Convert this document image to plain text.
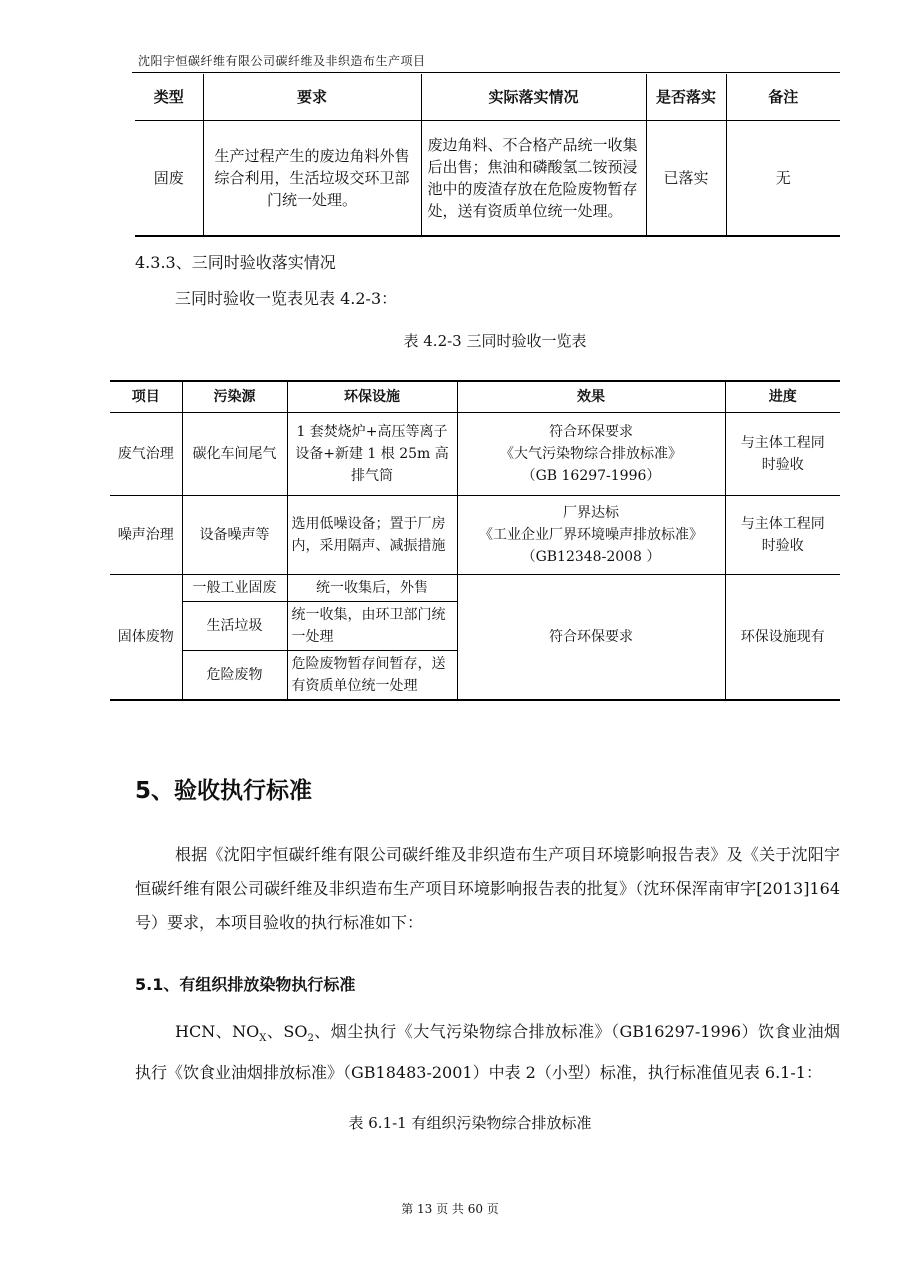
沈阳宇恒碳纤维有限公司碳纤维及非织造布生产项目
类型	要求	实际落实情况	是否落实	备注
固废	生产过程产生的废边角料外售综合利用，生活垃圾交环卫部门统一处理。	废边角料、不合格产品统一收集后出售；焦油和磷酸氢二铵预浸池中的废渣存放在危险废物暂存处，送有资质单位统一处理。	已落实	无
4.3.3、三同时验收落实情况
三同时验收一览表见表 4.2-3：
表 4.2-3 三同时验收一览表
项目	污染源	环保设施	效果	进度
废气治理	碳化车间尾气	1 套焚烧炉+高压等离子设备+新建 1 根 25m 高排气筒	符合环保要求
《大气污染物综合排放标准》
（GB 16297-1996）	与主体工程同时验收
噪声治理	设备噪声等	选用低噪设备；置于厂房内，采用隔声、减振措施	厂界达标
《工业企业厂界环境噪声排放标准》
（GB12348-2008 ）	与主体工程同时验收
固体废物	一般工业固废	统一收集后，外售	符合环保要求	环保设施现有
	生活垃圾	统一收集，由环卫部门统一处理		
	危险废物	危险废物暂存间暂存，送有资质单位统一处理		
5、验收执行标准
根据《沈阳宇恒碳纤维有限公司碳纤维及非织造布生产项目环境影响报告表》及《关于沈阳宇恒碳纤维有限公司碳纤维及非织造布生产项目环境影响报告表的批复》（沈环保浑南审字[2013]164 号）要求，本项目验收的执行标准如下：
5.1、有组织排放染物执行标准
HCN、$NO_X$、$SO_2$、烟尘执行《大气污染物综合排放标准》（GB16297-1996）饮食业油烟执行《饮食业油烟排放标准》（GB18483-2001）中表 2（小型）标准，执行标准值见表 6.1-1：
表 6.1-1 有组织污染物综合排放标准
第 13 页 共 60 页
